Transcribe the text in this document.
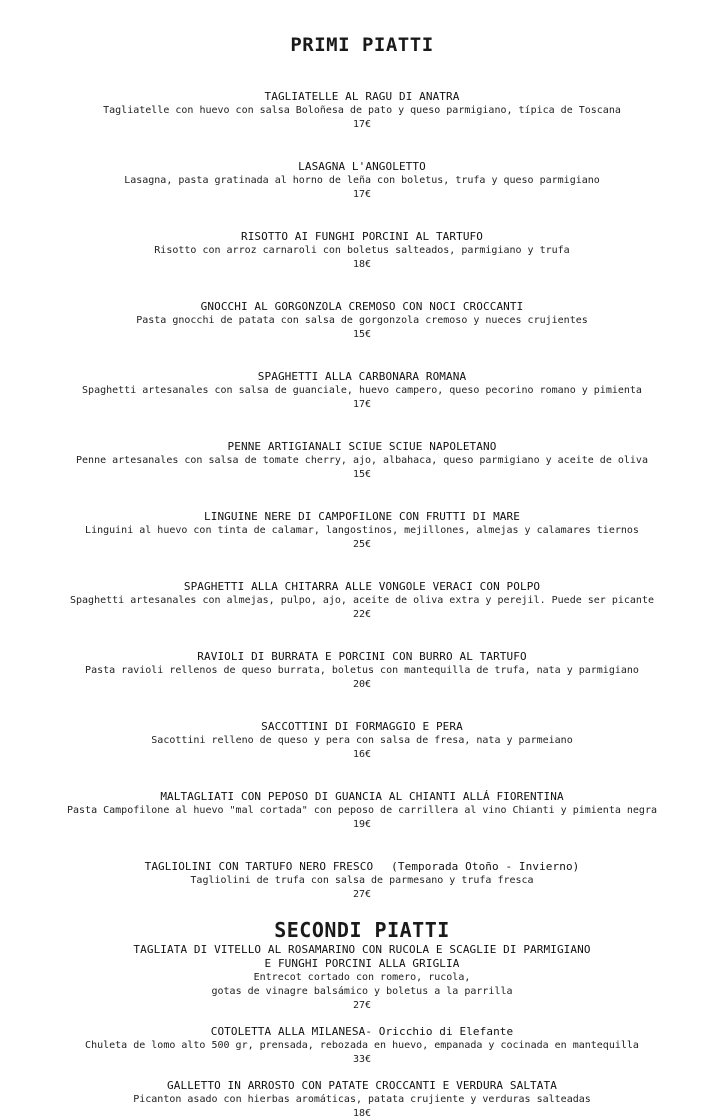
PRIMI PIATTI
TAGLIATELLE AL RAGU DI ANATRA
Tagliatelle con huevo con salsa Boloñesa de pato y queso parmigiano, típica de Toscana
17€
LASAGNA L'ANGOLETTO
Lasagna, pasta gratinada al horno de leña con boletus, trufa y queso parmigiano
17€
RISOTTO AI FUNGHI PORCINI AL TARTUFO
Risotto con arroz carnaroli con boletus salteados, parmigiano y trufa
18€
GNOCCHI AL GORGONZOLA CREMOSO CON NOCI CROCCANTI
Pasta gnocchi de patata con salsa de gorgonzola cremoso y nueces crujientes
15€
SPAGHETTI ALLA CARBONARA ROMANA
Spaghetti artesanales con salsa de guanciale, huevo campero, queso pecorino romano y pimienta
17€
PENNE ARTIGIANALI SCIUE SCIUE NAPOLETANO
Penne artesanales con salsa de tomate cherry, ajo, albahaca, queso parmigiano y aceite de oliva
15€
LINGUINE NERE DI CAMPOFILONE CON FRUTTI DI MARE
Linguini al huevo con tinta de calamar, langostinos, mejillones, almejas y calamares tiernos
25€
SPAGHETTI ALLA CHITARRA ALLE VONGOLE VERACI CON POLPO
Spaghetti artesanales con almejas, pulpo, ajo, aceite de oliva extra y perejil. Puede ser picante
22€
RAVIOLI DI BURRATA E PORCINI CON BURRO AL TARTUFO
Pasta ravioli rellenos de queso burrata, boletus con mantequilla de trufa, nata y parmigiano
20€
SACCOTTINI DI FORMAGGIO E PERA
Sacottini relleno de queso y pera con salsa de fresa, nata y parmeiano
16€
MALTAGLIATI CON PEPOSO DI GUANCIA AL CHIANTI ALLÁ FIORENTINA
Pasta Campofilone al huevo "mal cortada" con peposo de carrillera al vino Chianti y pimienta negra
19€
TAGLIOLINI CON TARTUFO NERO FRESCO (Temporada Otoño - Invierno)
Tagliolini de trufa con salsa de parmesano y trufa fresca
27€
SECONDI PIATTI
TAGLIATA DI VITELLO AL ROSAMARINO CON RUCOLA E SCAGLIE DI PARMIGIANO
E FUNGHI PORCINI ALLA GRIGLIA
Entrecot cortado con romero, rucola,
gotas de vinagre balsámico y boletus a la parrilla
27€
COTOLETTA ALLA MILANESA- Oricchio di Elefante
Chuleta de lomo alto 500 gr, prensada, rebozada en huevo, empanada y cocinada en mantequilla
33€
GALLETTO IN ARROSTO CON PATATE CROCCANTI E VERDURA SALTATA
Picanton asado con hierbas aromáticas, patata crujiente y verduras salteadas
18€
